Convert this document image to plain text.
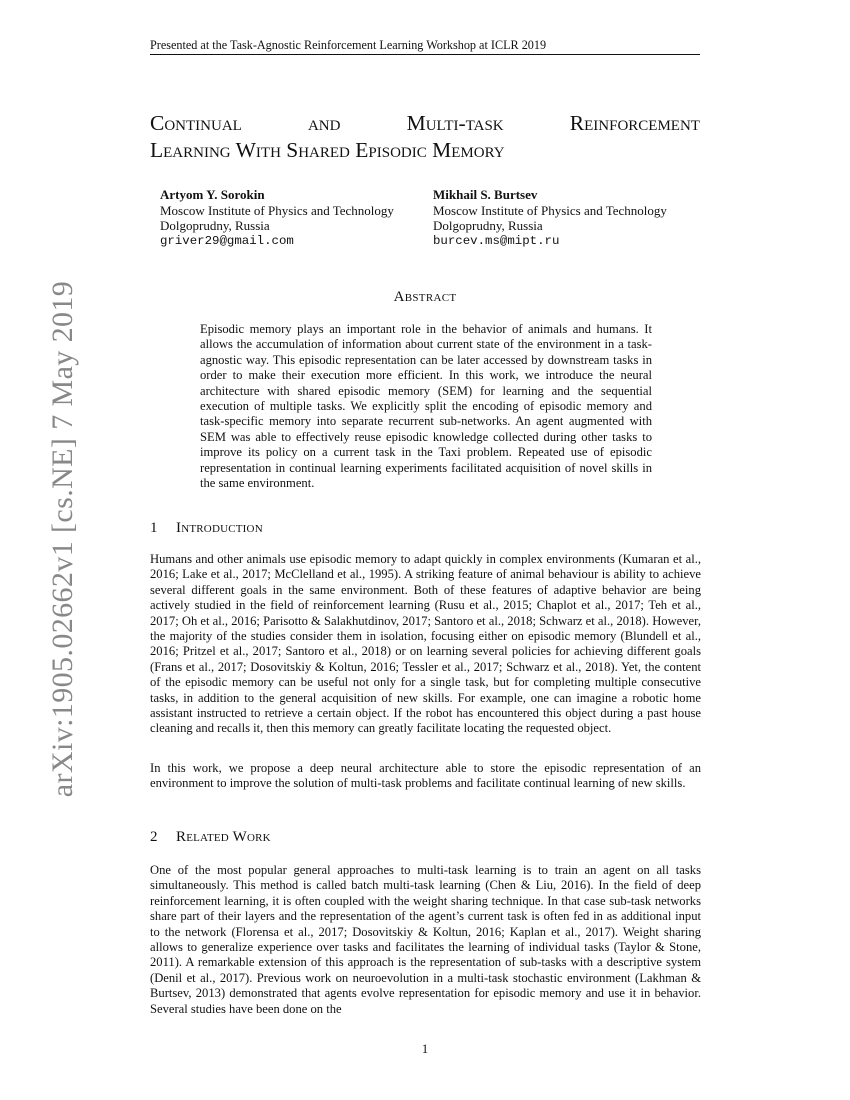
Presented at the Task-Agnostic Reinforcement Learning Workshop at ICLR 2019
arXiv:1905.02662v1 [cs.NE] 7 May 2019
Continual	and	Multi-task	Reinforcement
Learning With Shared Episodic Memory
Artyom Y. Sorokin
Moscow Institute of Physics and Technology
Dolgoprudny, Russia
griver29@gmail.com
Mikhail S. Burtsev
Moscow Institute of Physics and Technology
Dolgoprudny, Russia
burcev.ms@mipt.ru
Abstract
Episodic memory plays an important role in the behavior of animals and humans. It allows the accumulation of information about current state of the environment in a task-agnostic way. This episodic representation can be later accessed by downstream tasks in order to make their execution more efficient. In this work, we introduce the neural architecture with shared episodic memory (SEM) for learning and the sequential execution of multiple tasks. We explicitly split the encoding of episodic memory and task-specific memory into separate recurrent sub-networks. An agent augmented with SEM was able to effectively reuse episodic knowledge collected during other tasks to improve its policy on a current task in the Taxi problem. Repeated use of episodic representation in continual learning experiments facilitated acquisition of novel skills in the same environment.
1 Introduction
Humans and other animals use episodic memory to adapt quickly in complex environments (Kumaran et al., 2016; Lake et al., 2017; McClelland et al., 1995). A striking feature of animal behaviour is ability to achieve several different goals in the same environment. Both of these features of adaptive behavior are being actively studied in the field of reinforcement learning (Rusu et al., 2015; Chaplot et al., 2017; Teh et al., 2017; Oh et al., 2016; Parisotto & Salakhutdinov, 2017; Santoro et al., 2018; Schwarz et al., 2018). However, the majority of the studies consider them in isolation, focusing either on episodic memory (Blundell et al., 2016; Pritzel et al., 2017; Santoro et al., 2018) or on learning several policies for achieving different goals (Frans et al., 2017; Dosovitskiy & Koltun, 2016; Tessler et al., 2017; Schwarz et al., 2018). Yet, the content of the episodic memory can be useful not only for a single task, but for completing multiple consecutive tasks, in addition to the general acquisition of new skills. For example, one can imagine a robotic home assistant instructed to retrieve a certain object. If the robot has encountered this object during a past house cleaning and recalls it, then this memory can greatly facilitate locating the requested object.
In this work, we propose a deep neural architecture able to store the episodic representation of an environment to improve the solution of multi-task problems and facilitate continual learning of new skills.
2 Related Work
One of the most popular general approaches to multi-task learning is to train an agent on all tasks simultaneously. This method is called batch multi-task learning (Chen & Liu, 2016). In the field of deep reinforcement learning, it is often coupled with the weight sharing technique. In that case sub-task networks share part of their layers and the representation of the agent’s current task is often fed in as additional input to the network (Florensa et al., 2017; Dosovitskiy & Koltun, 2016; Kaplan et al., 2017). Weight sharing allows to generalize experience over tasks and facilitates the learning of individual tasks (Taylor & Stone, 2011). A remarkable extension of this approach is the representation of sub-tasks with a descriptive system (Denil et al., 2017). Previous work on neuroevolution in a multi-task stochastic environment (Lakhman & Burtsev, 2013) demonstrated that agents evolve representation for episodic memory and use it in behavior. Several studies have been done on the
1
